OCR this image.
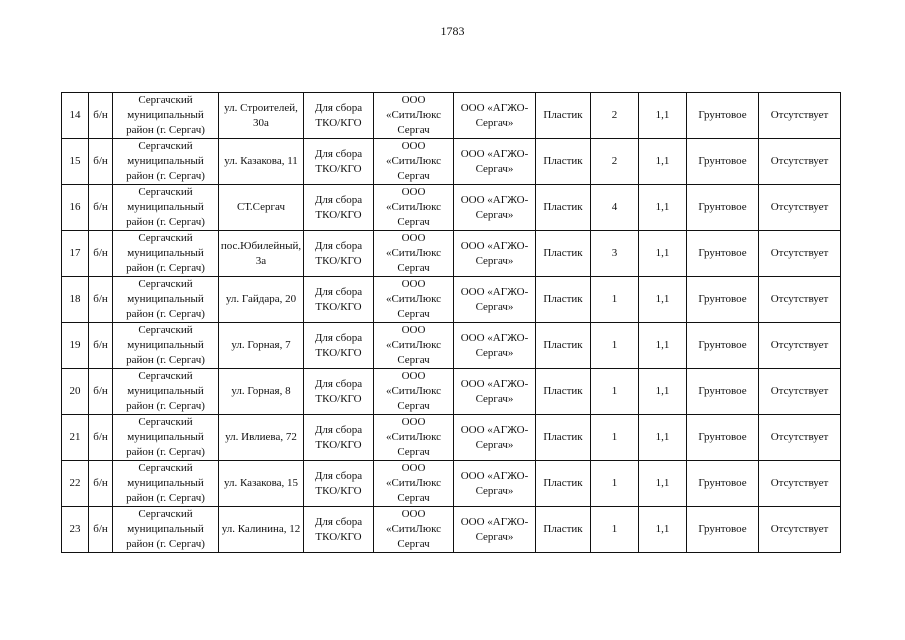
1783
14	б/н	Сергачский муниципальный район (г. Сергач)	ул. Строителей, 30а	Для сбора ТКО/КГО	ООО «СитиЛюкс Сергач	ООО «АГЖО-Сергач»	Пластик	2	1,1	Грунтовое	Отсутствует
15	б/н	Сергачский муниципальный район (г. Сергач)	ул. Казакова, 11	Для сбора ТКО/КГО	ООО «СитиЛюкс Сергач	ООО «АГЖО-Сергач»	Пластик	2	1,1	Грунтовое	Отсутствует
16	б/н	Сергачский муниципальный район (г. Сергач)	СТ.Сергач	Для сбора ТКО/КГО	ООО «СитиЛюкс Сергач	ООО «АГЖО-Сергач»	Пластик	4	1,1	Грунтовое	Отсутствует
17	б/н	Сергачский муниципальный район (г. Сергач)	пос.Юбилейный, 3а	Для сбора ТКО/КГО	ООО «СитиЛюкс Сергач	ООО «АГЖО-Сергач»	Пластик	3	1,1	Грунтовое	Отсутствует
18	б/н	Сергачский муниципальный район (г. Сергач)	ул. Гайдара, 20	Для сбора ТКО/КГО	ООО «СитиЛюкс Сергач	ООО «АГЖО-Сергач»	Пластик	1	1,1	Грунтовое	Отсутствует
19	б/н	Сергачский муниципальный район (г. Сергач)	ул. Горная, 7	Для сбора ТКО/КГО	ООО «СитиЛюкс Сергач	ООО «АГЖО-Сергач»	Пластик	1	1,1	Грунтовое	Отсутствует
20	б/н	Сергачский муниципальный район (г. Сергач)	ул. Горная, 8	Для сбора ТКО/КГО	ООО «СитиЛюкс Сергач	ООО «АГЖО-Сергач»	Пластик	1	1,1	Грунтовое	Отсутствует
21	б/н	Сергачский муниципальный район (г. Сергач)	ул. Ивлиева, 72	Для сбора ТКО/КГО	ООО «СитиЛюкс Сергач	ООО «АГЖО-Сергач»	Пластик	1	1,1	Грунтовое	Отсутствует
22	б/н	Сергачский муниципальный район (г. Сергач)	ул. Казакова, 15	Для сбора ТКО/КГО	ООО «СитиЛюкс Сергач	ООО «АГЖО-Сергач»	Пластик	1	1,1	Грунтовое	Отсутствует
23	б/н	Сергачский муниципальный район (г. Сергач)	ул. Калинина, 12	Для сбора ТКО/КГО	ООО «СитиЛюкс Сергач	ООО «АГЖО-Сергач»	Пластик	1	1,1	Грунтовое	Отсутствует
